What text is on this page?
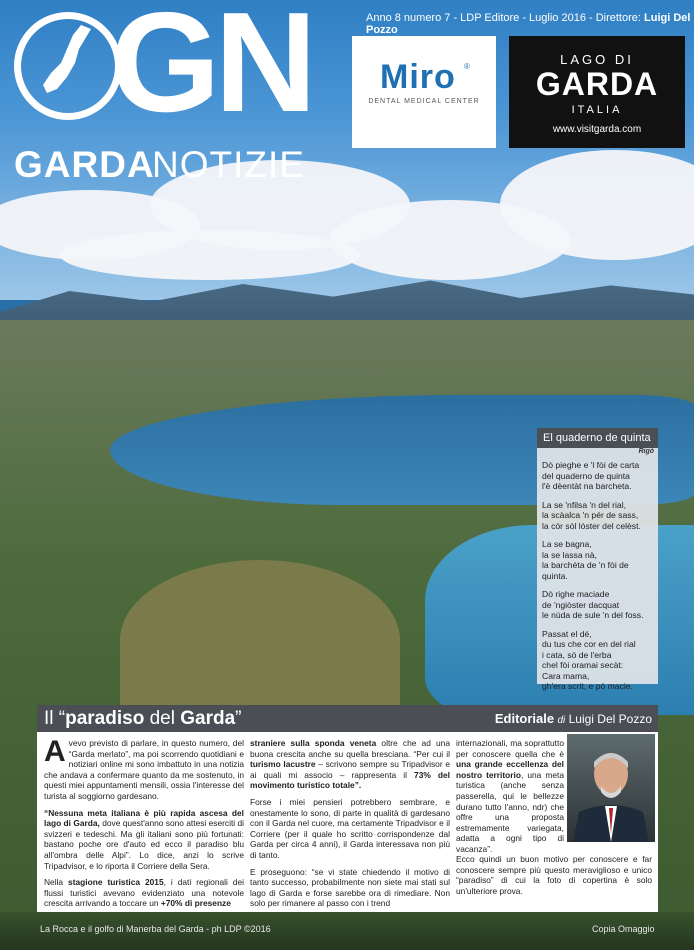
GN
GARDA
NOTIZIE
Anno 8 numero 7 - LDP Editore - Luglio 2016 - Direttore: Luigi Del Pozzo
Miro ®
DENTAL MEDICAL CENTER
LAGO DI
GARDA
ITALIA
www.visitgarda.com
El quaderno de quinta
Rigò

Dò pieghe e 'l fòi de carta
del quaderno de quinta
l'è dèentàt na barcheta.

La se 'nfilsa 'n del rial,
la scàalca 'n pér de sass,
la cór sòl lóster del celèst.

La se bagna,
la se lassa nà,
la barchèta de 'n fòi de quinta.

Dò righe maciade
de 'ngiòster dacquat
le nùda de sule 'n del foss.

Passat el dé,
du tus che cor en del rial
i cata, sö de l'erba
chel fòi oramai secàt:
Cara mama,
gh'era scrit, e pò macie.

Il “paradiso del Garda”	Editoriale di Luigi Del Pozzo

Avevo previsto di parlare, in questo numero, del “Garda merlato”, ma poi scorrendo quotidiani e notiziari online mi sono imbattuto in una notizia che andava a confermare quanto da me sostenuto, in questi miei appuntamenti mensili, ossia l'interesse del turista al soggiorno gardesano.

“Nessuna meta italiana è più rapida ascesa del lago di Garda, dove quest'anno sono attesi eserciti di svizzeri e tedeschi. Ma gli italiani sono più fortunati: bastano poche ore d'auto ed ecco il paradiso blu all'ombra delle Alpi”. Lo dice, anzi lo scrive Tripadvisor, e lo riporta il Corriere della Sera.

Nella stagione turistica 2015, i dati regionali dei flussi turistici avevano evidenziato una notevole crescita arrivando a toccare un +70% di presenze

straniere sulla sponda veneta oltre che ad una buona crescita anche su quella bresciana. “Per cui il turismo lacustre – scrivono sempre su Tripadvisor e ai quali mi associo – rappresenta il 73% del movimento turistico totale”.

Forse i miei pensieri potrebbero sembrare, e onestamente lo sono, di parte in qualità di gardesano con il Garda nel cuore, ma certamente Tripadvisor e il Corriere (per il quale ho scritto corrispondenze dal Garda per circa 4 anni), il Garda interessava non più di tanto.

E proseguono: “se vi state chiedendo il motivo di tanto successo, probabilmente non siete mai stati sul lago di Garda e forse sarebbe ora di rimediare. Non solo per rimanere al passo con i trend

internazionali, ma soprattutto per conoscere quella che è una grande eccellenza del nostro territorio, una meta turistica (anche senza passerella, qui le bellezze durano tutto l'anno, ndr) che offre una proposta estremamente variegata, adatta a ogni tipo di vacanza”.

Ecco quindi un buon motivo per conoscere e far conoscere sempre più questo meraviglioso e unico “paradiso” di cui la foto di copertina è solo un'ulteriore prova.
La Rocca e il golfo di Manerba del Garda - ph LDP ©2016	Copia Omaggio
